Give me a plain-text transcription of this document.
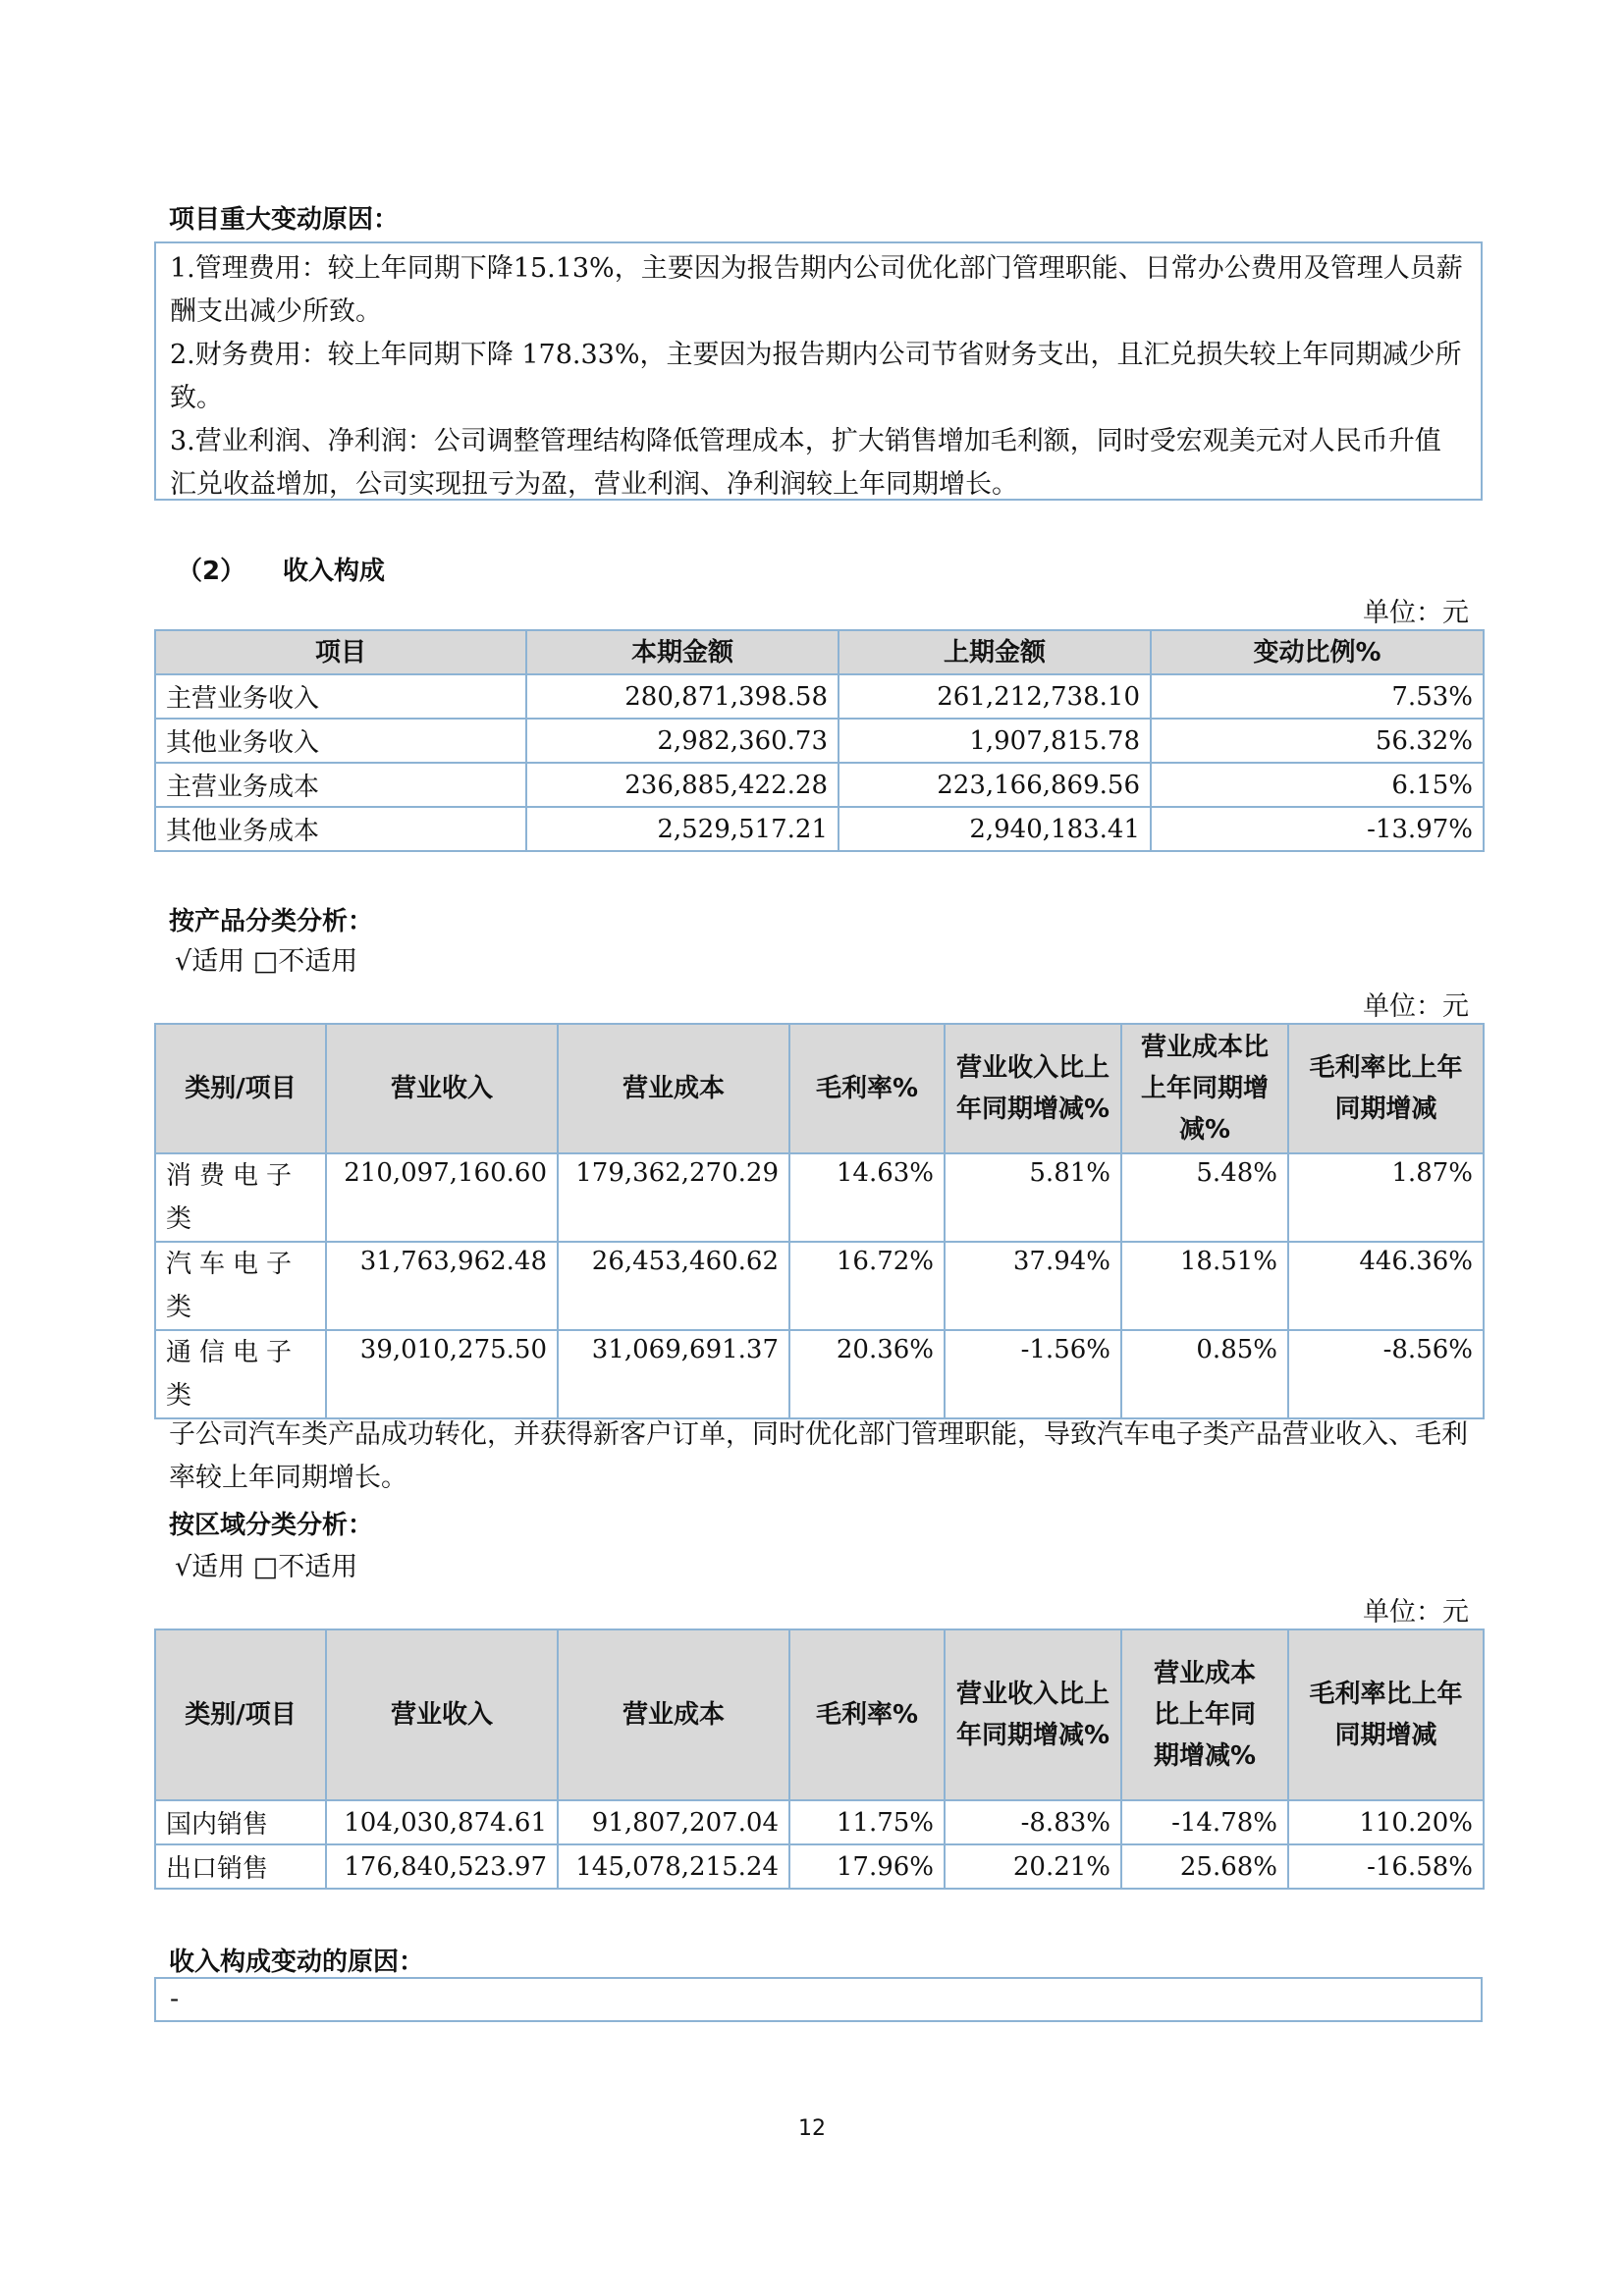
项目重大变动原因：

1.管理费用：较上年同期下降15.13%，主要因为报告期内公司优化部门管理职能、日常办公费用及管理人员薪酬支出减少所致。

2.财务费用：较上年同期下降 178.33%，主要因为报告期内公司节省财务支出，且汇兑损失较上年同期减少所致。

3.营业利润、净利润：公司调整管理结构降低管理成本，扩大销售增加毛利额，同时受宏观美元对人民币升值汇兑收益增加，公司实现扭亏为盈，营业利润、净利润较上年同期增长。

（2） 收入构成
单位：元
项目	本期金额	上期金额	变动比例%
主营业务收入	280,871,398.58	261,212,738.10	7.53%
其他业务收入	2,982,360.73	1,907,815.78	56.32%
主营业务成本	236,885,422.28	223,166,869.56	6.15%
其他业务成本	2,529,517.21	2,940,183.41	-13.97%
按产品分类分析：
√适用 □不适用
单位：元
类别/项目	营业收入	营业成本	毛利率%	营业收入比上年同期增减%	营业成本比上年同期增减%	毛利率比上年同期增减
消费电子类	210,097,160.60	179,362,270.29	14.63%	5.81%	5.48%	1.87%
汽车电子类	31,763,962.48	26,453,460.62	16.72%	37.94%	18.51%	446.36%
通信电子类	39,010,275.50	31,069,691.37	20.36%	-1.56%	0.85%	-8.56%
子公司汽车类产品成功转化，并获得新客户订单，同时优化部门管理职能，导致汽车电子类产品营业收入、毛利率较上年同期增长。
按区域分类分析：
√适用 □不适用
单位：元
类别/项目	营业收入	营业成本	毛利率%	营业收入比上年同期增减%	营业成本比上年同期增减%	毛利率比上年同期增减
国内销售	104,030,874.61	91,807,207.04	11.75%	-8.83%	-14.78%	110.20%
出口销售	176,840,523.97	145,078,215.24	17.96%	20.21%	25.68%	-16.58%
收入构成变动的原因：
-
12
